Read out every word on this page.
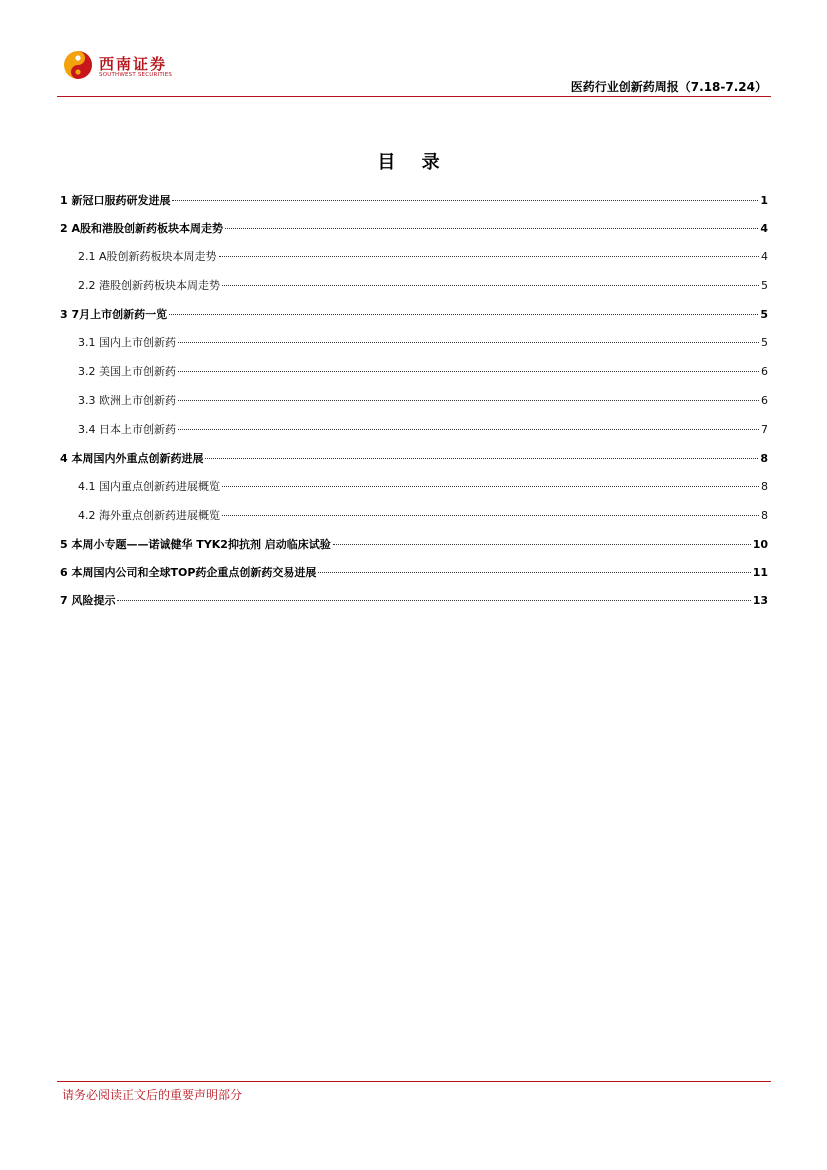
西南证券
SOUTHWEST SECURITIES
医药行业创新药周报（7.18-7.24）
目 录
1 新冠口服药研发进展	1
2 A股和港股创新药板块本周走势	4
2.1 A股创新药板块本周走势	4
2.2 港股创新药板块本周走势	5
3 7月上市创新药一览	5
3.1 国内上市创新药	5
3.2 美国上市创新药	6
3.3 欧洲上市创新药	6
3.4 日本上市创新药	7
4 本周国内外重点创新药进展	8
4.1 国内重点创新药进展概览	8
4.2 海外重点创新药进展概览	8
5 本周小专题——诺诚健华 TYK2抑抗剂 启动临床试验	10
6 本周国内公司和全球TOP药企重点创新药交易进展	11
7 风险提示	13
请务必阅读正文后的重要声明部分
